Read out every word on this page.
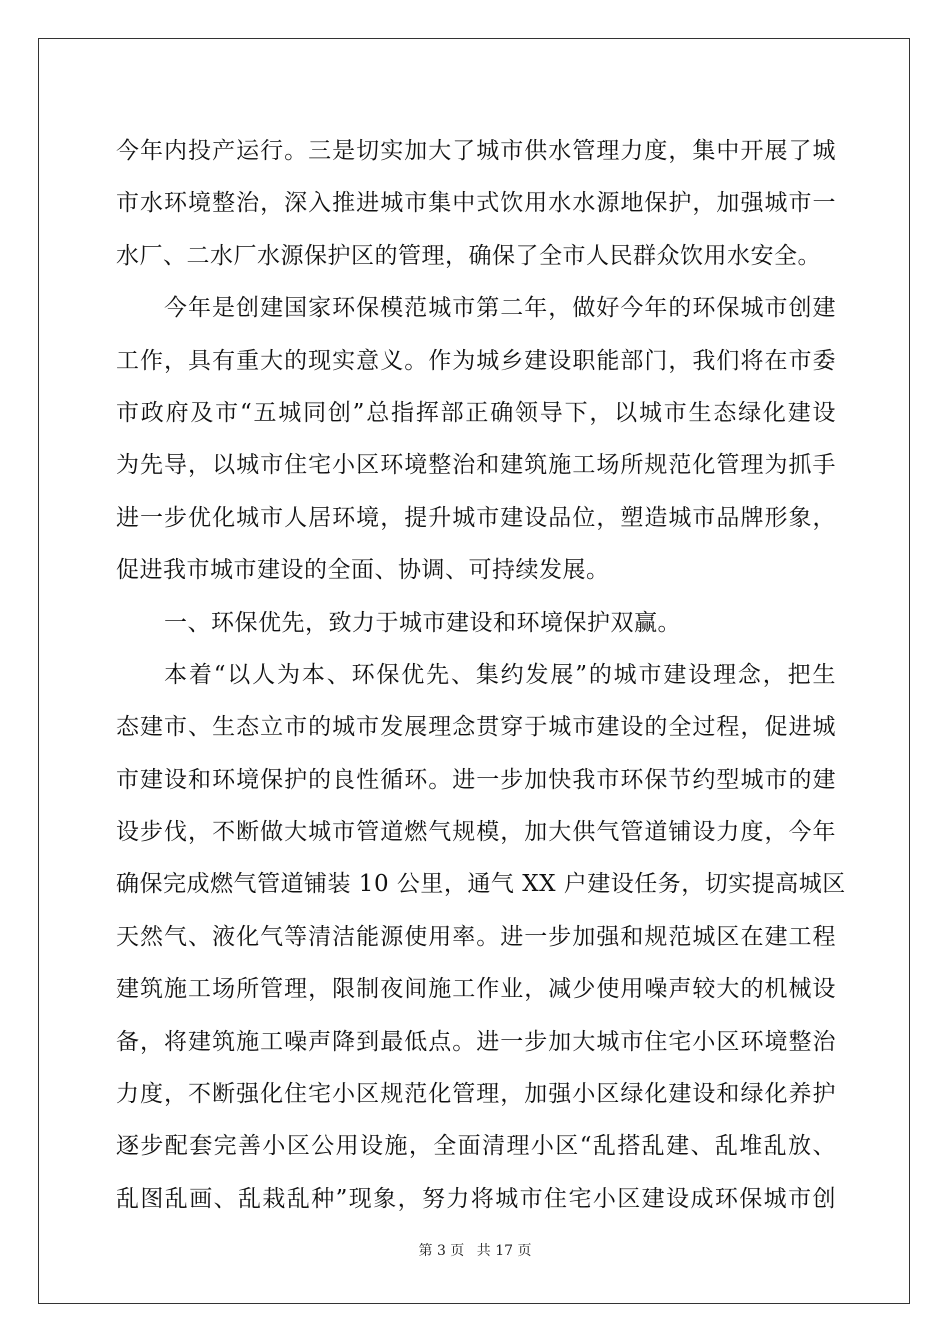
今年内投产运行。三是切实加大了城市供水管理力度，集中开展了城
市水环境整治，深入推进城市集中式饮用水水源地保护，加强城市一
水厂、二水厂水源保护区的管理，确保了全市人民群众饮用水安全。
今年是创建国家环保模范城市第二年，做好今年的环保城市创建
工作，具有重大的现实意义。作为城乡建设职能部门，我们将在市委
市政府及市“五城同创”总指挥部正确领导下，以城市生态绿化建设
为先导，以城市住宅小区环境整治和建筑施工场所规范化管理为抓手
进一步优化城市人居环境，提升城市建设品位，塑造城市品牌形象，
促进我市城市建设的全面、协调、可持续发展。
一、环保优先，致力于城市建设和环境保护双赢。
本着“以人为本、环保优先、集约发展”的城市建设理念，把生
态建市、生态立市的城市发展理念贯穿于城市建设的全过程，促进城
市建设和环境保护的良性循环。进一步加快我市环保节约型城市的建
设步伐，不断做大城市管道燃气规模，加大供气管道铺设力度，今年
确保完成燃气管道铺装 10 公里，通气 XX 户建设任务，切实提高城区
天然气、液化气等清洁能源使用率。进一步加强和规范城区在建工程
建筑施工场所管理，限制夜间施工作业，减少使用噪声较大的机械设
备，将建筑施工噪声降到最低点。进一步加大城市住宅小区环境整治
力度，不断强化住宅小区规范化管理，加强小区绿化建设和绿化养护
逐步配套完善小区公用设施，全面清理小区“乱搭乱建、乱堆乱放、
乱图乱画、乱栽乱种”现象，努力将城市住宅小区建设成环保城市创
第 3 页 共 17 页
